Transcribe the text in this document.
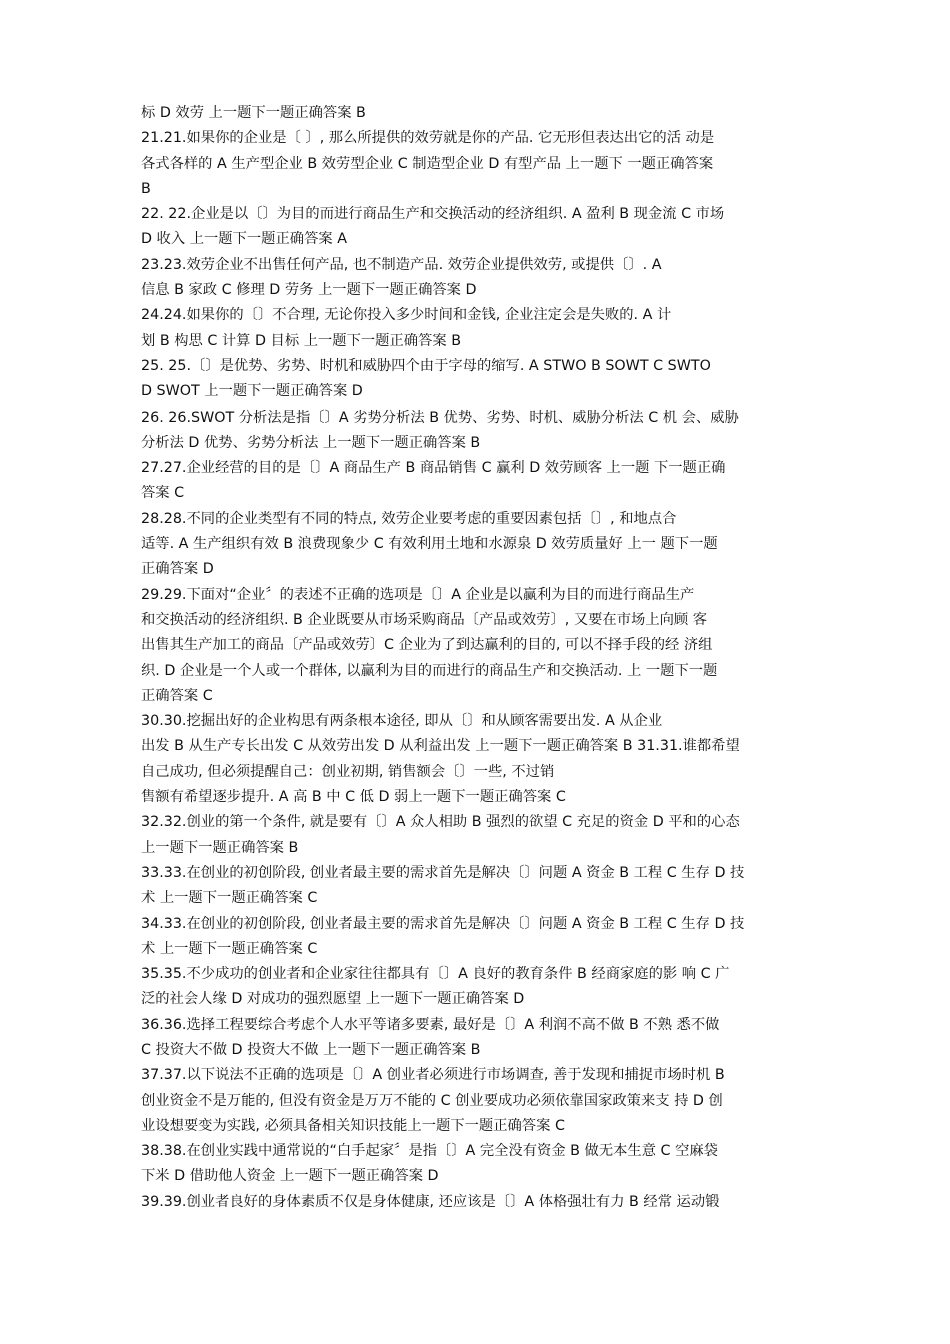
标 D 效劳 上一题下一题正确答案 B
21.21.如果你的企业是〔 〕, 那么所提供的效劳就是你的产品. 它无形但表达出它的活 动是
各式各样的 A 生产型企业 B 效劳型企业 C 制造型企业 D 有型产品 上一题下 一题正确答案
B
22. 22.企业是以〔〕为目的而进行商品生产和交换活动的经济组织. A 盈利 B 现金流 C 市场
D 收入 上一题下一题正确答案 A
23.23.效劳企业不出售任何产品, 也不制造产品. 效劳企业提供效劳, 或提供〔〕. A
信息 B 家政 C 修理 D 劳务 上一题下一题正确答案 D
24.24.如果你的〔〕不合理, 无论你投入多少时间和金钱, 企业注定会是失败的. A 计
划 B 构思 C 计算 D 目标 上一题下一题正确答案 B
25. 25.〔〕是优势、劣势、时机和威胁四个由于字母的缩写. A STWO B SOWT C SWTO
D SWOT 上一题下一题正确答案 D
26. 26.SWOT 分析法是指〔〕A 劣势分析法 B 优势、劣势、时机、威胁分析法 C 机 会、威胁
分析法 D 优势、劣势分析法 上一题下一题正确答案 B
27.27.企业经营的目的是〔〕A 商品生产 B 商品销售 C 赢利 D 效劳顾客 上一题 下一题正确
答案 C
28.28.不同的企业类型有不同的特点, 效劳企业要考虑的重要因素包括〔〕, 和地点合
适等. A 生产组织有效 B 浪费现象少 C 有效利用土地和水源泉 D 效劳质量好 上一 题下一题
正确答案 D
29.29.下面对“企业〞的表述不正确的选项是〔〕A 企业是以赢利为目的而进行商品生产
和交换活动的经济组织. B 企业既要从市场采购商品〔产品或效劳〕, 又要在市场上向顾 客
出售其生产加工的商品〔产品或效劳〕C 企业为了到达赢利的目的, 可以不择手段的经 济组
织. D 企业是一个人或一个群体, 以赢利为目的而进行的商品生产和交换活动. 上 一题下一题
正确答案 C
30.30.挖掘出好的企业构思有两条根本途径, 即从〔〕和从顾客需要出发. A 从企业
出发 B 从生产专长出发 C 从效劳出发 D 从利益出发 上一题下一题正确答案 B 31.31.谁都希望
自己成功, 但必须提醒自己：创业初期, 销售额会〔〕一些, 不过销
售额有希望逐步提升. A 高 B 中 C 低 D 弱上一题下一题正确答案 C
32.32.创业的第一个条件, 就是要有〔〕A 众人相助 B 强烈的欲望 C 充足的资金 D 平和的心态
上一题下一题正确答案 B
33.33.在创业的初创阶段, 创业者最主要的需求首先是解决〔〕问题 A 资金 B 工程 C 生存 D 技
术 上一题下一题正确答案 C
34.33.在创业的初创阶段, 创业者最主要的需求首先是解决〔〕问题 A 资金 B 工程 C 生存 D 技
术 上一题下一题正确答案 C
35.35.不少成功的创业者和企业家往往都具有〔〕A 良好的教育条件 B 经商家庭的影 响 C 广
泛的社会人缘 D 对成功的强烈愿望 上一题下一题正确答案 D
36.36.选择工程要综合考虑个人水平等诸多要素, 最好是〔〕A 利润不高不做 B 不熟 悉不做
C 投资大不做 D 投资大不做 上一题下一题正确答案 B
37.37.以下说法不正确的选项是〔〕A 创业者必须进行市场调查, 善于发现和捕捉市场时机 B
创业资金不是万能的, 但没有资金是万万不能的 C 创业要成功必须依靠国家政策来支 持 D 创
业设想要变为实践, 必须具备相关知识技能上一题下一题正确答案 C
38.38.在创业实践中通常说的“白手起家〞是指〔〕A 完全没有资金 B 做无本生意 C 空麻袋
下米 D 借助他人资金 上一题下一题正确答案 D
39.39.创业者良好的身体素质不仅是身体健康, 还应该是〔〕A 体格强壮有力 B 经常 运动锻
